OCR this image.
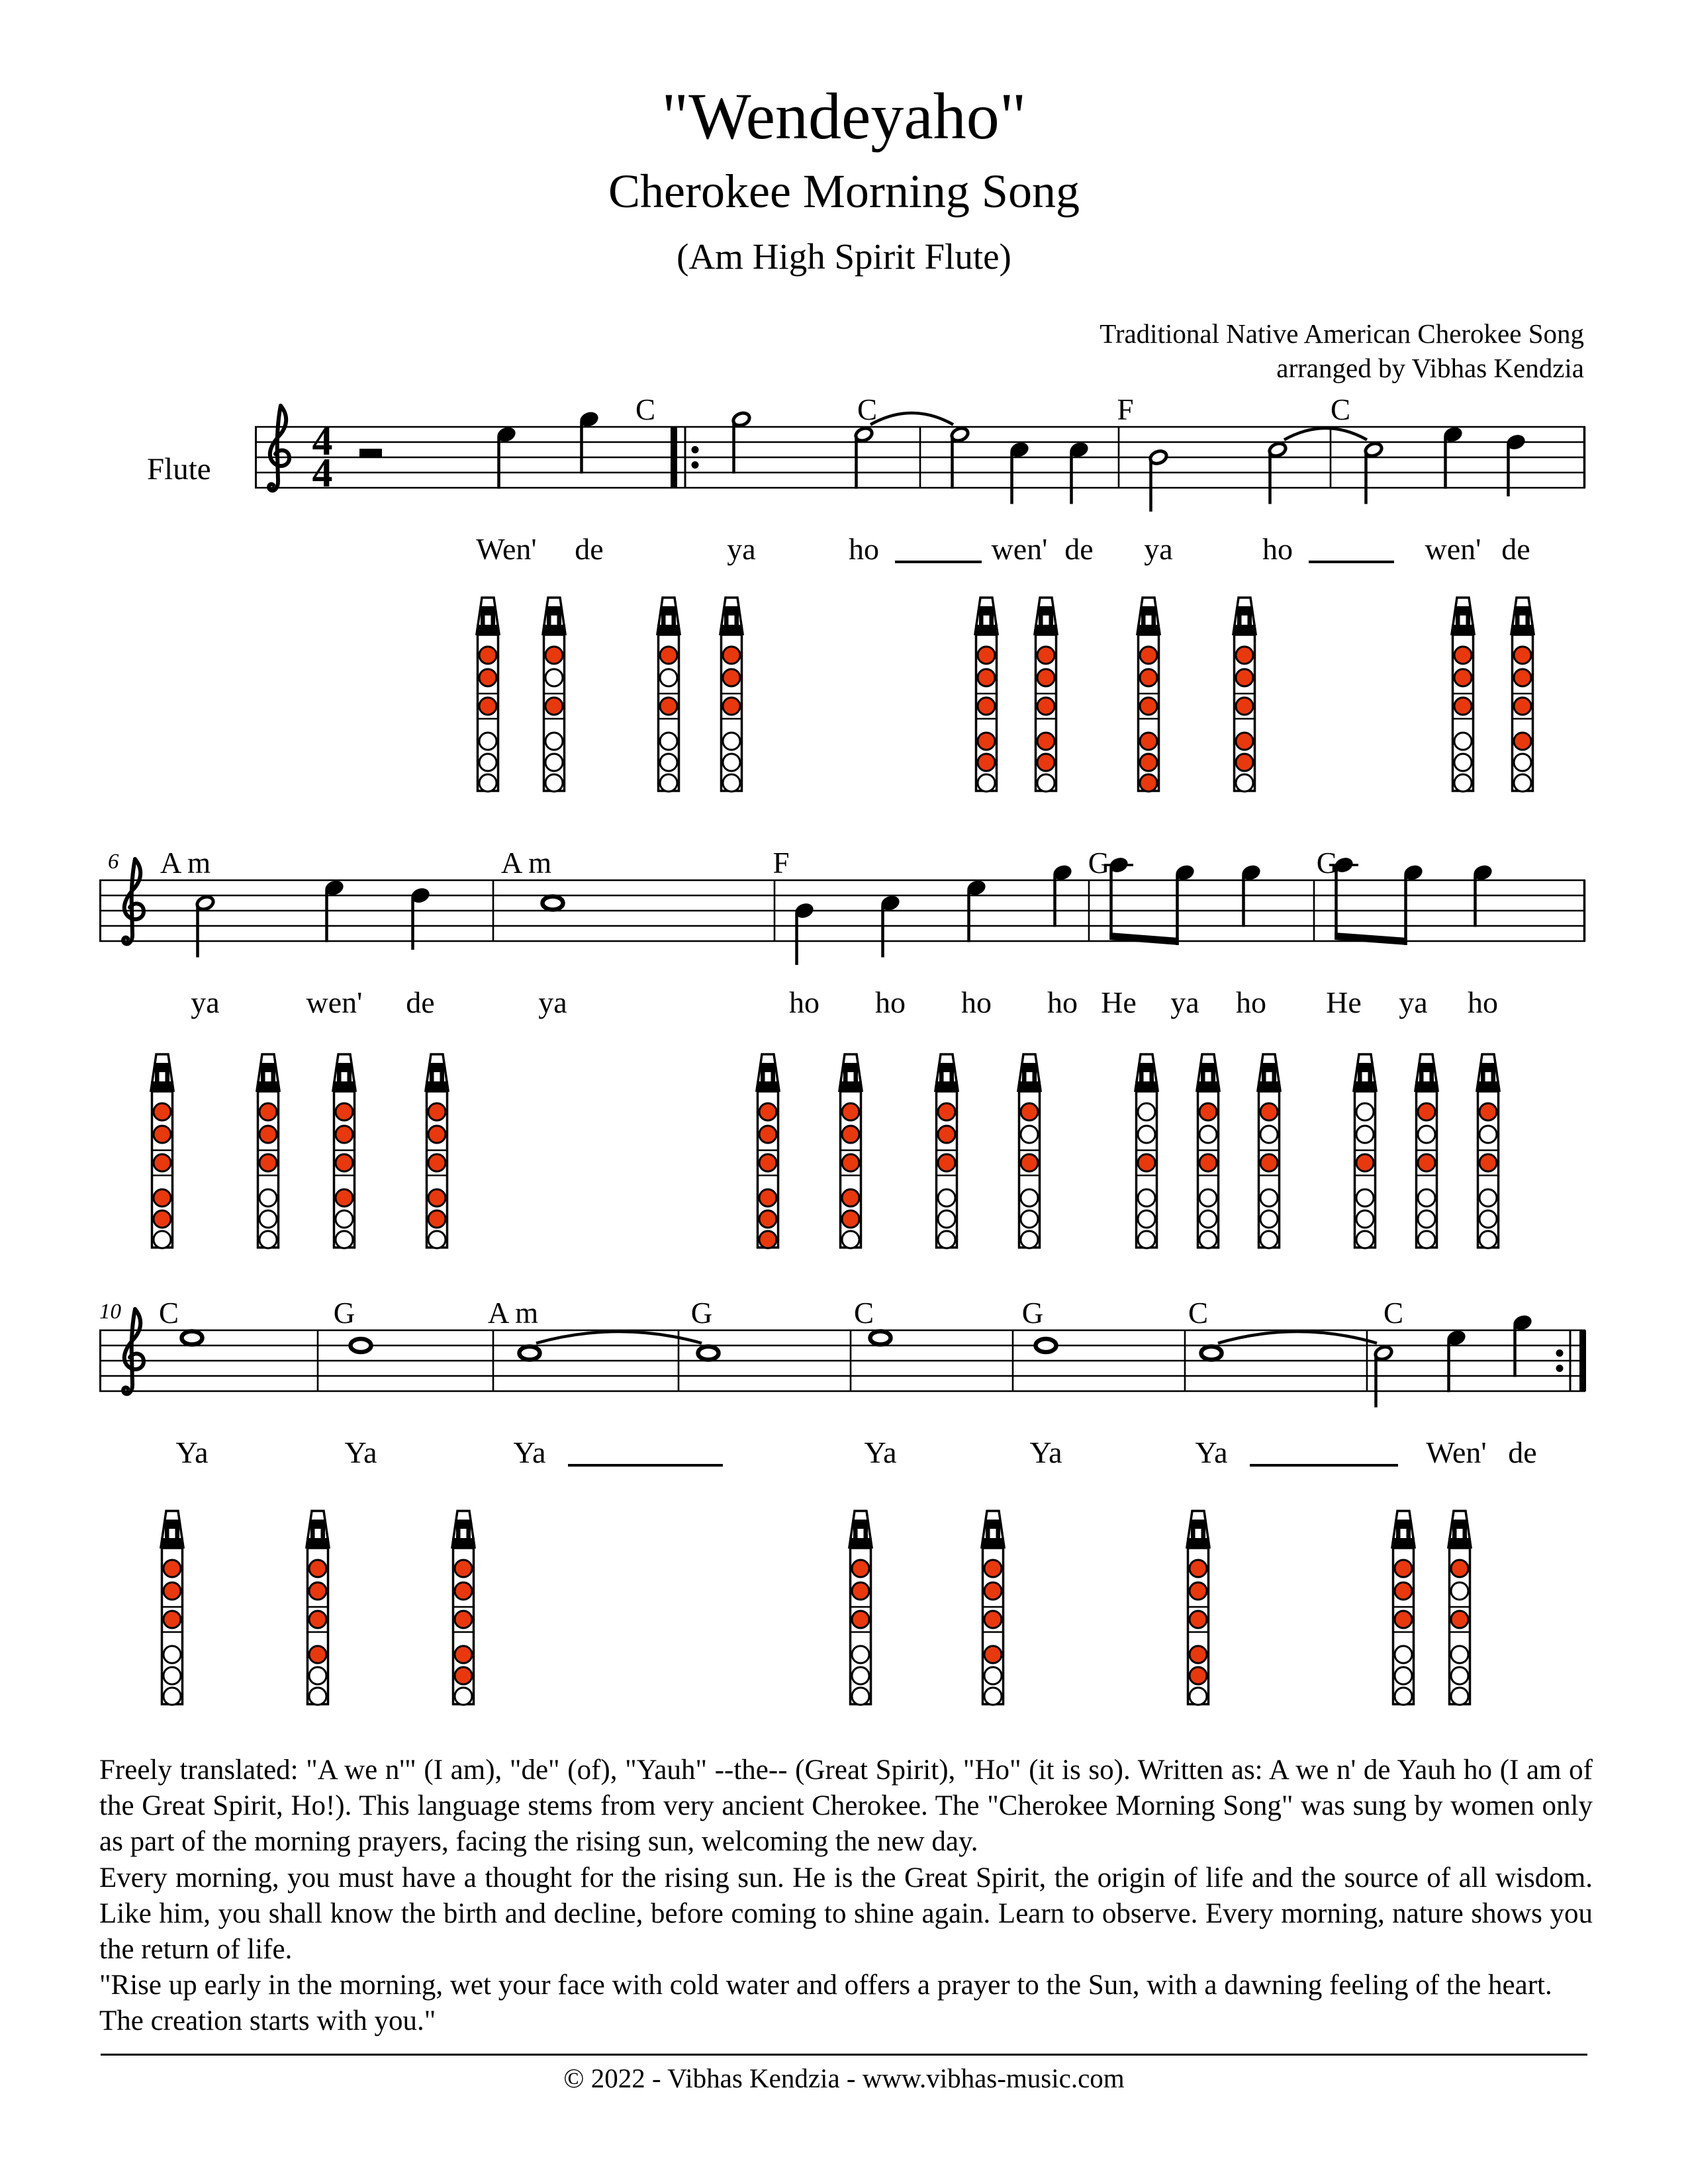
"Wendeyaho"
Cherokee Morning Song
(Am High Spirit Flute)
Traditional Native American Cherokee Song
arranged by Vibhas Kendzia

Freely translated: "A we n'" (I am), "de" (of), "Yauh" --the-- (Great Spirit), "Ho" (it is so). Written as: A we n' de Yauh ho (I am of the Great Spirit, Ho!). This language stems from very ancient Cherokee. The "Cherokee Morning Song" was sung by women only as part of the morning prayers, facing the rising sun, welcoming the new day.

Every morning, you must have a thought for the rising sun. He is the Great Spirit, the origin of life and the source of all wisdom. Like him, you shall know the birth and decline, before coming to shine again. Learn to observe. Every morning, nature shows you the return of life.

"Rise up early in the morning, wet your face with cold water and offers a prayer to the Sun, with a dawning feeling of the heart.

The creation starts with you."

© 2022 - Vibhas Kendzia - www.vibhas-music.com
4
4
Flute
C	C	F	C
Wen' de	ya	ho	wen' de ya	ho	wen' de
6 A m	A m	F	G	G
ya	wen' de	ya	ho ho ho ho He ya ho He ya ho
10 C	G	A m	G	C	G	C	C
Ya	Ya	Ya	Ya	Ya	Ya	Wen' de
